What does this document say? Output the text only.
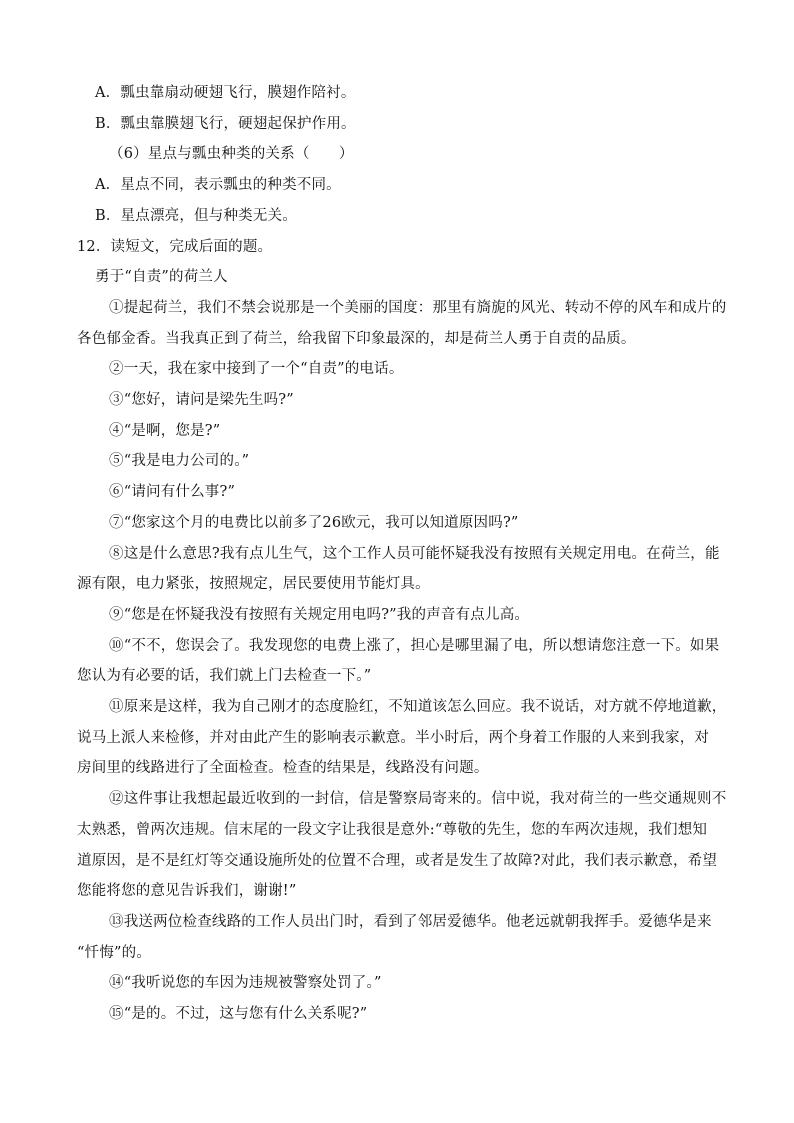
A．瓢虫靠扇动硬翅飞行，膜翅作陪衬。
B．瓢虫靠膜翅飞行，硬翅起保护作用。
（6）星点与瓢虫种类的关系（　　）
A．星点不同，表示瓢虫的种类不同。
B．星点漂亮，但与种类无关。
12．读短文，完成后面的题。
勇于“自责”的荷兰人
①提起荷兰，我们不禁会说那是一个美丽的国度：那里有旖旎的风光、转动不停的风车和成片的
各色郁金香。当我真正到了荷兰，给我留下印象最深的，却是荷兰人勇于自责的品质。
②一天，我在家中接到了一个“自责”的电话。
③“您好，请问是梁先生吗?”
④“是啊，您是?”
⑤“我是电力公司的。”
⑥“请问有什么事?”
⑦“您家这个月的电费比以前多了26欧元，我可以知道原因吗?”
⑧这是什么意思?我有点儿生气，这个工作人员可能怀疑我没有按照有关规定用电。在荷兰，能
源有限，电力紧张，按照规定，居民要使用节能灯具。
⑨“您是在怀疑我没有按照有关规定用电吗?”我的声音有点儿高。
⑩“不不，您误会了。我发现您的电费上涨了，担心是哪里漏了电，所以想请您注意一下。如果
您认为有必要的话，我们就上门去检查一下。”
⑪原来是这样，我为自己刚才的态度脸红，不知道该怎么回应。我不说话，对方就不停地道歉，
说马上派人来检修，并对由此产生的影响表示歉意。半小时后，两个身着工作服的人来到我家，对
房间里的线路进行了全面检查。检查的结果是，线路没有问题。
⑫这件事让我想起最近收到的一封信，信是警察局寄来的。信中说，我对荷兰的一些交通规则不
太熟悉，曾两次违规。信末尾的一段文字让我很是意外:“尊敬的先生，您的车两次违规，我们想知
道原因，是不是红灯等交通设施所处的位置不合理，或者是发生了故障?对此，我们表示歉意，希望
您能将您的意见告诉我们，谢谢!”
⑬我送两位检查线路的工作人员出门时，看到了邻居爱德华。他老远就朝我挥手。爱德华是来
“忏悔”的。
⑭“我听说您的车因为违规被警察处罚了。”
⑮“是的。不过，这与您有什么关系呢?”
